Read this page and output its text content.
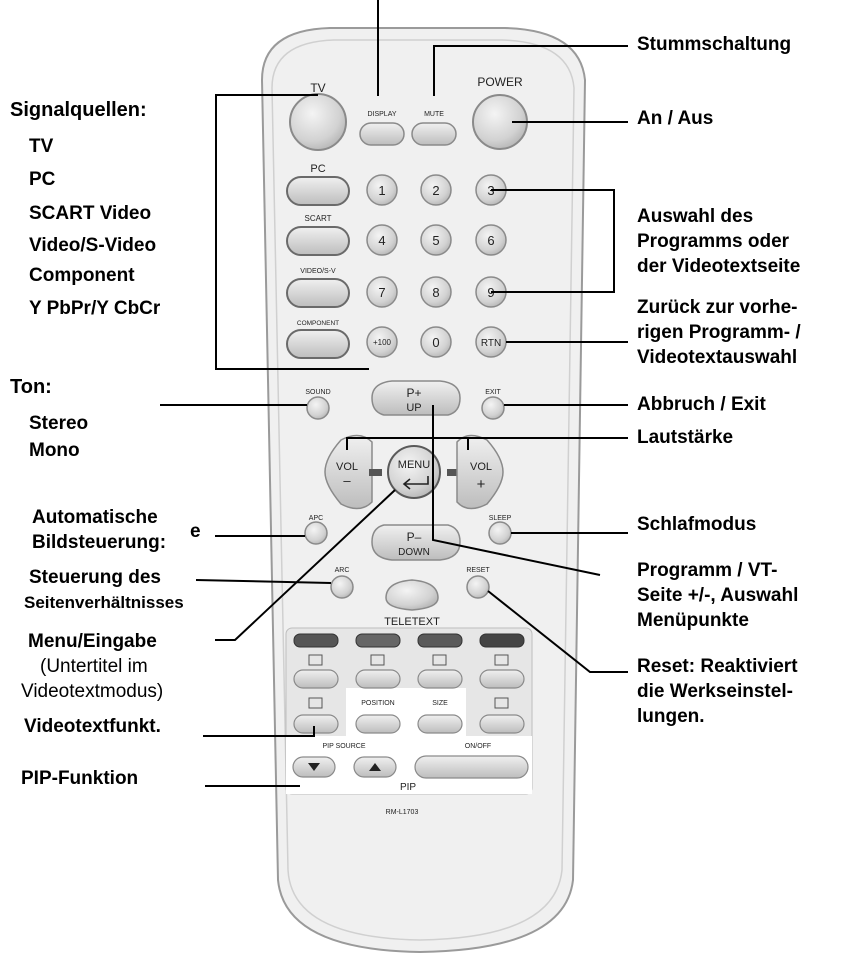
TV
DISPLAY	MUTE
POWER
PC
SCART
VIDEO/S-V
COMPONENT
1	2	3
4	5	6
7	8	9
+100	0	RTN
SOUND	EXIT
P+
UP
VOL
–
MENU	VOL
+
P–
DOWN
APC	SLEEP
ARC	RESET
TELETEXT
POSITION	SIZE
PIP SOURCE	ON/OFF
PIP
RM-L1703
Signalquellen:
TV
PC
SCART Video
Video/S-Video
Component
Y PbPr/Y CbCr
Ton:
Stereo
Mono
Automatische
Bildsteuerung:
e
Steuerung des
Seitenverhältnisses
Menu/Eingabe
(Untertitel im
Videotextmodus)
Videotextfunkt.
PIP-Funktion
Stummschaltung
An / Aus
Auswahl des
Programms oder
der Videotextseite
Zurück zur vorhe-
rigen Programm- /
Videotextauswahl
Abbruch / Exit
Lautstärke
Schlafmodus
Programm / VT-
Seite +/-, Auswahl
Menüpunkte
Reset: Reaktiviert
die Werkseinstel-
lungen.
